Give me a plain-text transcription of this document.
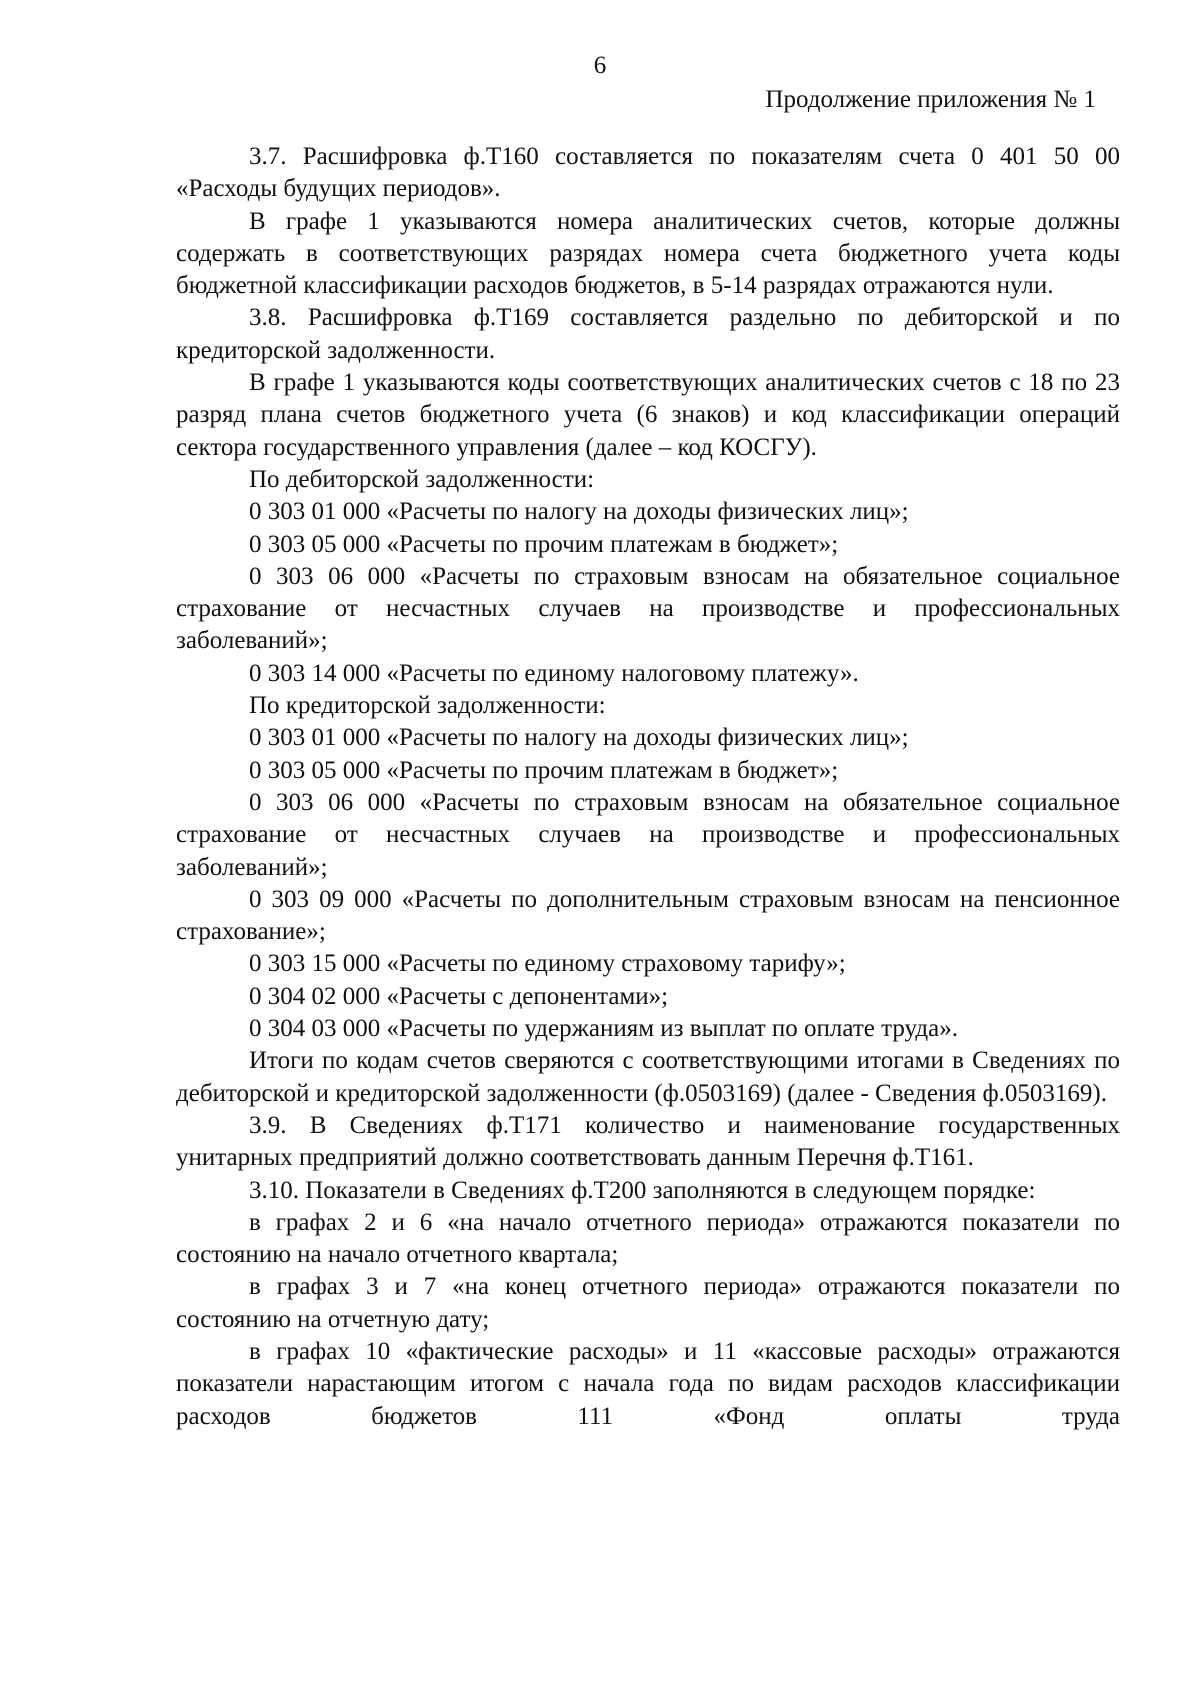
6
Продолжение приложения № 1

3.7. Расшифровка ф.Т160 составляется по показателям счета 0 401 50 00 «Расходы будущих периодов».

В графе 1 указываются номера аналитических счетов, которые должны содержать в соответствующих разрядах номера счета бюджетного учета коды бюджетной классификации расходов бюджетов, в 5-14 разрядах отражаются нули.

3.8. Расшифровка ф.Т169 составляется раздельно по дебиторской и по кредиторской задолженности.

В графе 1 указываются коды соответствующих аналитических счетов с 18 по 23 разряд плана счетов бюджетного учета (6 знаков) и код классификации операций сектора государственного управления (далее – код КОСГУ).

По дебиторской задолженности:

0 303 01 000 «Расчеты по налогу на доходы физических лиц»;

0 303 05 000 «Расчеты по прочим платежам в бюджет»;

0 303 06 000 «Расчеты по страховым взносам на обязательное социальное страхование от несчастных случаев на производстве и профессиональных заболеваний»;

0 303 14 000 «Расчеты по единому налоговому платежу».

По кредиторской задолженности:

0 303 01 000 «Расчеты по налогу на доходы физических лиц»;

0 303 05 000 «Расчеты по прочим платежам в бюджет»;

0 303 06 000 «Расчеты по страховым взносам на обязательное социальное страхование от несчастных случаев на производстве и профессиональных заболеваний»;

0 303 09 000 «Расчеты по дополнительным страховым взносам на пенсионное страхование»;

0 303 15 000 «Расчеты по единому страховому тарифу»;

0 304 02 000 «Расчеты с депонентами»;

0 304 03 000 «Расчеты по удержаниям из выплат по оплате труда».

Итоги по кодам счетов сверяются с соответствующими итогами в Сведениях по дебиторской и кредиторской задолженности (ф.0503169) (далее - Сведения ф.0503169).

3.9. В Сведениях ф.Т171 количество и наименование государственных унитарных предприятий должно соответствовать данным Перечня ф.Т161.

3.10. Показатели в Сведениях ф.Т200 заполняются в следующем порядке:

в графах 2 и 6 «на начало отчетного периода» отражаются показатели по состоянию на начало отчетного квартала;

в графах 3 и 7 «на конец отчетного периода» отражаются показатели по состоянию на отчетную дату;

в графах 10 «фактические расходы» и 11 «кассовые расходы» отражаются показатели нарастающим итогом с начала года по видам расходов классификации расходов бюджетов 111 «Фонд оплаты труда
